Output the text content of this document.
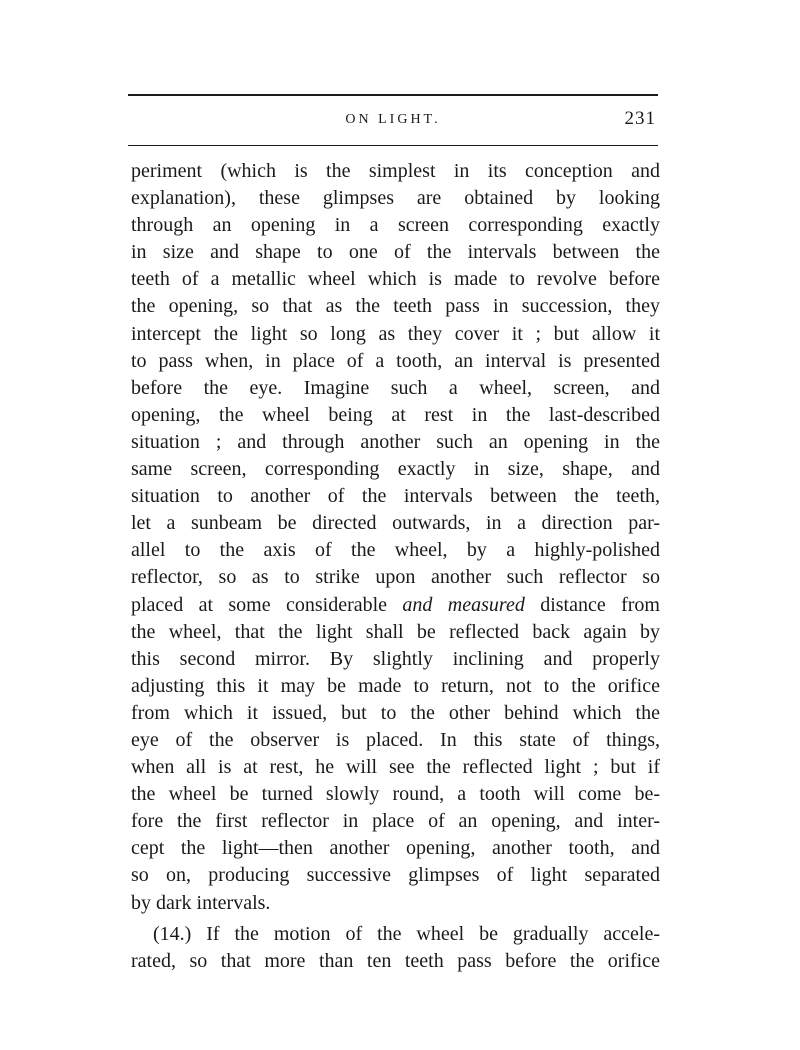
ON LIGHT.	231
periment (which is the simplest in its conception and
explanation), these glimpses are obtained by looking
through an opening in a screen corresponding exactly
in size and shape to one of the intervals between the
teeth of a metallic wheel which is made to revolve before
the opening, so that as the teeth pass in succession, they
intercept the light so long as they cover it ; but allow it
to pass when, in place of a tooth, an interval is presented
before the eye. Imagine such a wheel, screen, and
opening, the wheel being at rest in the last-described
situation ; and through another such an opening in the
same screen, corresponding exactly in size, shape, and
situation to another of the intervals between the teeth,
let a sunbeam be directed outwards, in a direction par-
allel to the axis of the wheel, by a highly-polished
reflector, so as to strike upon another such reflector so
placed at some considerable and measured distance from
the wheel, that the light shall be reflected back again by
this second mirror. By slightly inclining and properly
adjusting this it may be made to return, not to the orifice
from which it issued, but to the other behind which the
eye of the observer is placed. In this state of things,
when all is at rest, he will see the reflected light ; but if
the wheel be turned slowly round, a tooth will come be-
fore the first reflector in place of an opening, and inter-
cept the light—then another opening, another tooth, and
so on, producing successive glimpses of light separated
by dark intervals.
(14.) If the motion of the wheel be gradually accele-
rated, so that more than ten teeth pass before the orifice
